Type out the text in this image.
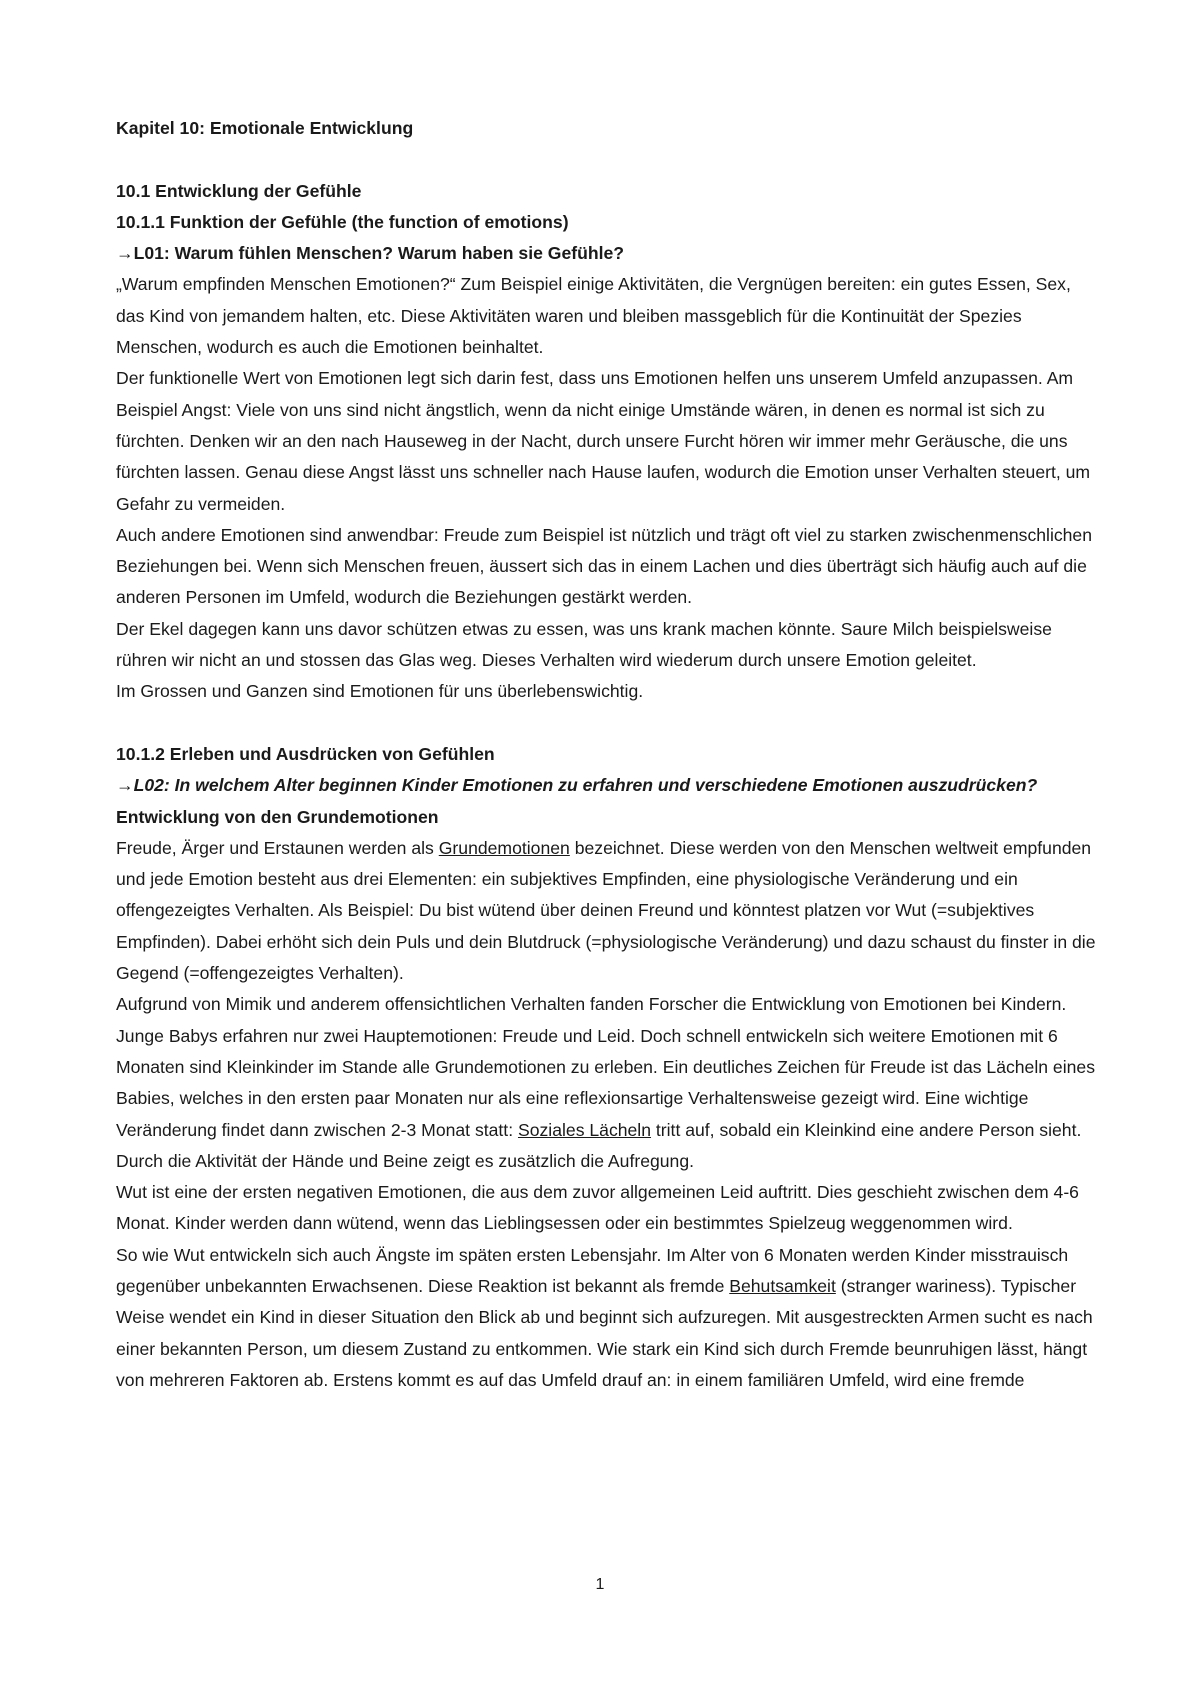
Kapitel 10: Emotionale Entwicklung

10.1 Entwicklung der Gefühle

10.1.1 Funktion der Gefühle (the function of emotions)

→L01: Warum fühlen Menschen? Warum haben sie Gefühle?

„Warum empfinden Menschen Emotionen?“ Zum Beispiel einige Aktivitäten, die Vergnügen bereiten: ein gutes Essen, Sex, das Kind von jemandem halten, etc. Diese Aktivitäten waren und bleiben massgeblich für die Kontinuität der Spezies Menschen, wodurch es auch die Emotionen beinhaltet.

Der funktionelle Wert von Emotionen legt sich darin fest, dass uns Emotionen helfen uns unserem Umfeld anzupassen. Am Beispiel Angst: Viele von uns sind nicht ängstlich, wenn da nicht einige Umstände wären, in denen es normal ist sich zu fürchten. Denken wir an den nach Hauseweg in der Nacht, durch unsere Furcht hören wir immer mehr Geräusche, die uns fürchten lassen. Genau diese Angst lässt uns schneller nach Hause laufen, wodurch die Emotion unser Verhalten steuert, um Gefahr zu vermeiden.

Auch andere Emotionen sind anwendbar: Freude zum Beispiel ist nützlich und trägt oft viel zu starken zwischenmenschlichen Beziehungen bei. Wenn sich Menschen freuen, äussert sich das in einem Lachen und dies überträgt sich häufig auch auf die anderen Personen im Umfeld, wodurch die Beziehungen gestärkt werden.

Der Ekel dagegen kann uns davor schützen etwas zu essen, was uns krank machen könnte. Saure Milch beispielsweise rühren wir nicht an und stossen das Glas weg. Dieses Verhalten wird wiederum durch unsere Emotion geleitet.

Im Grossen und Ganzen sind Emotionen für uns überlebenswichtig.

10.1.2 Erleben und Ausdrücken von Gefühlen

→L02: In welchem Alter beginnen Kinder Emotionen zu erfahren und verschiedene Emotionen auszudrücken?

Entwicklung von den Grundemotionen

Freude, Ärger und Erstaunen werden als Grundemotionen bezeichnet. Diese werden von den Menschen weltweit empfunden und jede Emotion besteht aus drei Elementen: ein subjektives Empfinden, eine physiologische Veränderung und ein offengezeigtes Verhalten. Als Beispiel: Du bist wütend über deinen Freund und könntest platzen vor Wut (=subjektives Empfinden). Dabei erhöht sich dein Puls und dein Blutdruck (=physiologische Veränderung) und dazu schaust du finster in die Gegend (=offengezeigtes Verhalten).

Aufgrund von Mimik und anderem offensichtlichen Verhalten fanden Forscher die Entwicklung von Emotionen bei Kindern. Junge Babys erfahren nur zwei Hauptemotionen: Freude und Leid. Doch schnell entwickeln sich weitere Emotionen mit 6 Monaten sind Kleinkinder im Stande alle Grundemotionen zu erleben. Ein deutliches Zeichen für Freude ist das Lächeln eines Babies, welches in den ersten paar Monaten nur als eine reflexionsartige Verhaltensweise gezeigt wird. Eine wichtige Veränderung findet dann zwischen 2-3 Monat statt: Soziales Lächeln tritt auf, sobald ein Kleinkind eine andere Person sieht. Durch die Aktivität der Hände und Beine zeigt es zusätzlich die Aufregung.

Wut ist eine der ersten negativen Emotionen, die aus dem zuvor allgemeinen Leid auftritt. Dies geschieht zwischen dem 4-6 Monat. Kinder werden dann wütend, wenn das Lieblingsessen oder ein bestimmtes Spielzeug weggenommen wird.

So wie Wut entwickeln sich auch Ängste im späten ersten Lebensjahr. Im Alter von 6 Monaten werden Kinder misstrauisch gegenüber unbekannten Erwachsenen. Diese Reaktion ist bekannt als fremde Behutsamkeit (stranger wariness). Typischer Weise wendet ein Kind in dieser Situation den Blick ab und beginnt sich aufzuregen. Mit ausgestreckten Armen sucht es nach einer bekannten Person, um diesem Zustand zu entkommen. Wie stark ein Kind sich durch Fremde beunruhigen lässt, hängt von mehreren Faktoren ab. Erstens kommt es auf das Umfeld drauf an: in einem familiären Umfeld, wird eine fremde

1
